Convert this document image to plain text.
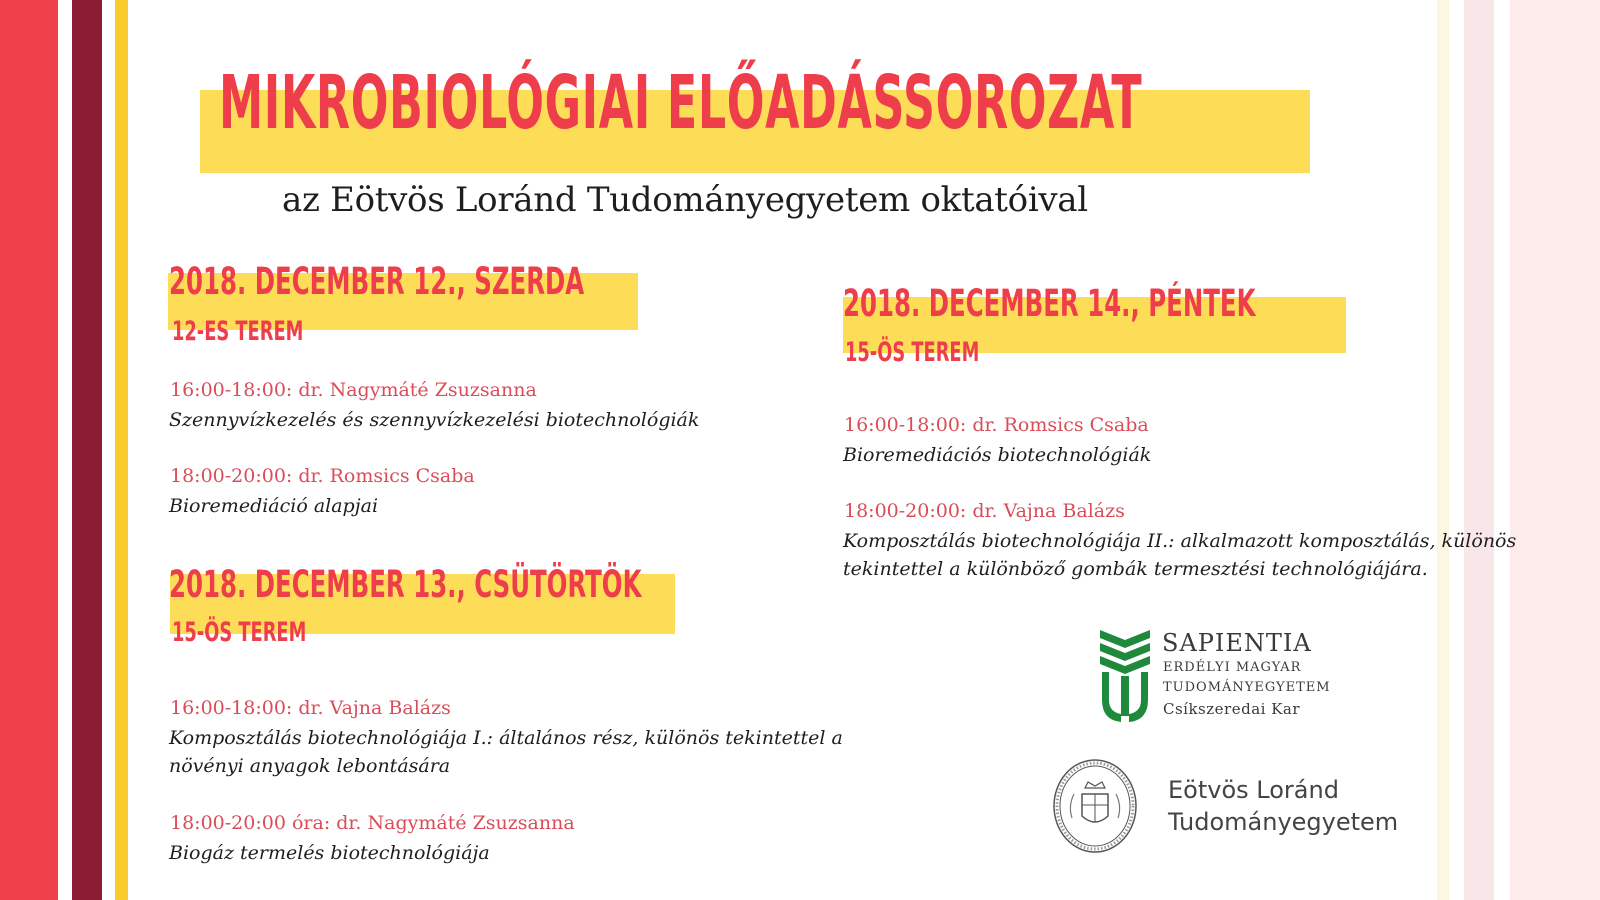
MIKROBIOLÓGIAI ELŐADÁSSOROZAT
az Eötvös Loránd Tudományegyetem oktatóival
2018. DECEMBER 12., SZERDA
12-ES TEREM
16:00-18:00: dr. Nagymáté Zsuzsanna
Szennyvízkezelés és szennyvízkezelési biotechnológiák
18:00-20:00: dr. Romsics Csaba
Bioremediáció alapjai
2018. DECEMBER 13., CSÜTÖRTÖK
15-ÖS TEREM
16:00-18:00: dr. Vajna Balázs
Komposztálás biotechnológiája I.: általános rész, különös tekintettel a
növényi anyagok lebontására
18:00-20:00 óra: dr. Nagymáté Zsuzsanna
Biogáz termelés biotechnológiája
2018. DECEMBER 14., PÉNTEK
15-ÖS TEREM
16:00-18:00: dr. Romsics Csaba
Bioremediációs biotechnológiák
18:00-20:00: dr. Vajna Balázs
Komposztálás biotechnológiája II.: alkalmazott komposztálás, különös
tekintettel a különböző gombák termesztési technológiájára.
SAPIENTIA
ERDÉLYI MAGYAR
TUDOMÁNYEGYETEM
Csíkszeredai Kar
Eötvös Loránd
Tudományegyetem
